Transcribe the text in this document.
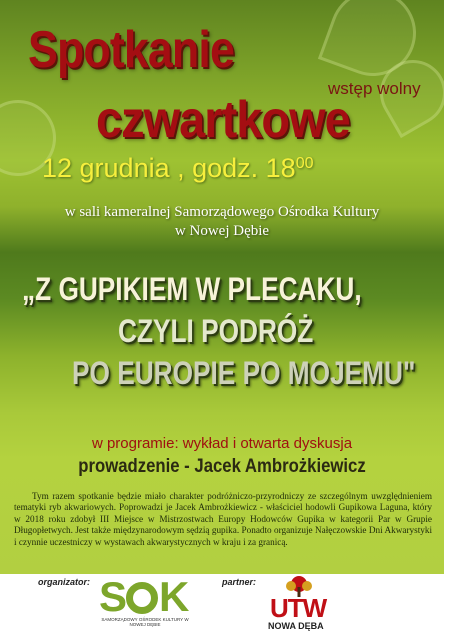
Spotkanie
wstęp wolny
czwartkowe
12 grudnia , godz. $18^{00}$
w sali kameralnej Samorządowego Ośrodka Kultury
w Nowej Dębie
„Z GUPIKIEM W PLECAKU,
CZYLI PODRÓŻ
PO EUROPIE PO MOJEMU"
w programie: wykład i otwarta dyskusja
prowadzenie - Jacek Ambrożkiewicz
Tym razem spotkanie będzie miało charakter podróżniczo-przyrodniczy ze szczególnym uwzględnieniem tematyki ryb akwariowych. Poprowadzi je Jacek Ambrożkiewicz - właściciel hodowli Gupikowa Laguna, który w 2018 roku zdobył III Miejsce w Mistrzostwach Europy Hodowców Gupika w kategorii Par w Grupie Długopłetwych. Jest także międzynarodowym sędzią gupika. Ponadto organizuje Nałęczowskie Dni Akwarystyki i czynnie uczestniczy w wystawach akwarystycznych w kraju i za granicą.
organizator: S K
SAMORZĄDOWY OŚRODEK KULTURY W NOWEJ DĘBIE
partner:
UTW
NOWA DĘBA
